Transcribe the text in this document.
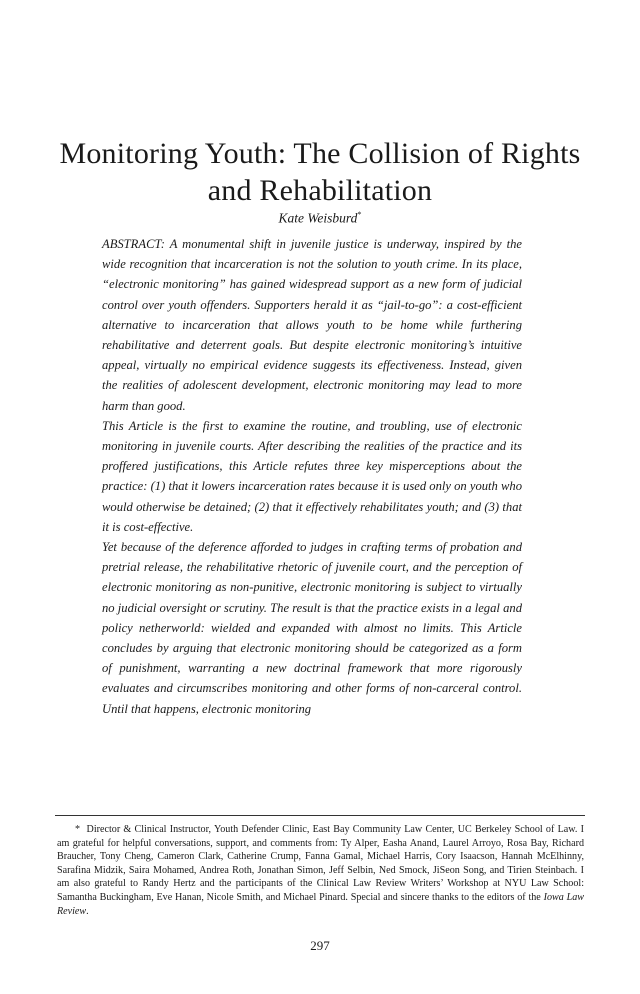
Monitoring Youth: The Collision of Rights and Rehabilitation
Kate Weisburd*

ABSTRACT: A monumental shift in juvenile justice is underway, inspired by the wide recognition that incarceration is not the solution to youth crime. In its place, “electronic monitoring” has gained widespread support as a new form of judicial control over youth offenders. Supporters herald it as “jail-to-go”: a cost-efficient alternative to incarceration that allows youth to be home while furthering rehabilitative and deterrent goals. But despite electronic monitoring’s intuitive appeal, virtually no empirical evidence suggests its effectiveness. Instead, given the realities of adolescent development, electronic monitoring may lead to more harm than good.

This Article is the first to examine the routine, and troubling, use of electronic monitoring in juvenile courts. After describing the realities of the practice and its proffered justifications, this Article refutes three key misperceptions about the practice: (1) that it lowers incarceration rates because it is used only on youth who would otherwise be detained; (2) that it effectively rehabilitates youth; and (3) that it is cost-effective.

Yet because of the deference afforded to judges in crafting terms of probation and pretrial release, the rehabilitative rhetoric of juvenile court, and the perception of electronic monitoring as non-punitive, electronic monitoring is subject to virtually no judicial oversight or scrutiny. The result is that the practice exists in a legal and policy netherworld: wielded and expanded with almost no limits. This Article concludes by arguing that electronic monitoring should be categorized as a form of punishment, warranting a new doctrinal framework that more rigorously evaluates and circumscribes monitoring and other forms of non-carceral control. Until that happens, electronic monitoring

* Director & Clinical Instructor, Youth Defender Clinic, East Bay Community Law Center, UC Berkeley School of Law. I am grateful for helpful conversations, support, and comments from: Ty Alper, Easha Anand, Laurel Arroyo, Rosa Bay, Richard Braucher, Tony Cheng, Cameron Clark, Catherine Crump, Fanna Gamal, Michael Harris, Cory Isaacson, Hannah McElhinny, Sarafina Midzik, Saira Mohamed, Andrea Roth, Jonathan Simon, Jeff Selbin, Ned Smock, JiSeon Song, and Tirien Steinbach. I am also grateful to Randy Hertz and the participants of the Clinical Law Review Writers’ Workshop at NYU Law School: Samantha Buckingham, Eve Hanan, Nicole Smith, and Michael Pinard. Special and sincere thanks to the editors of the Iowa Law Review.
297
